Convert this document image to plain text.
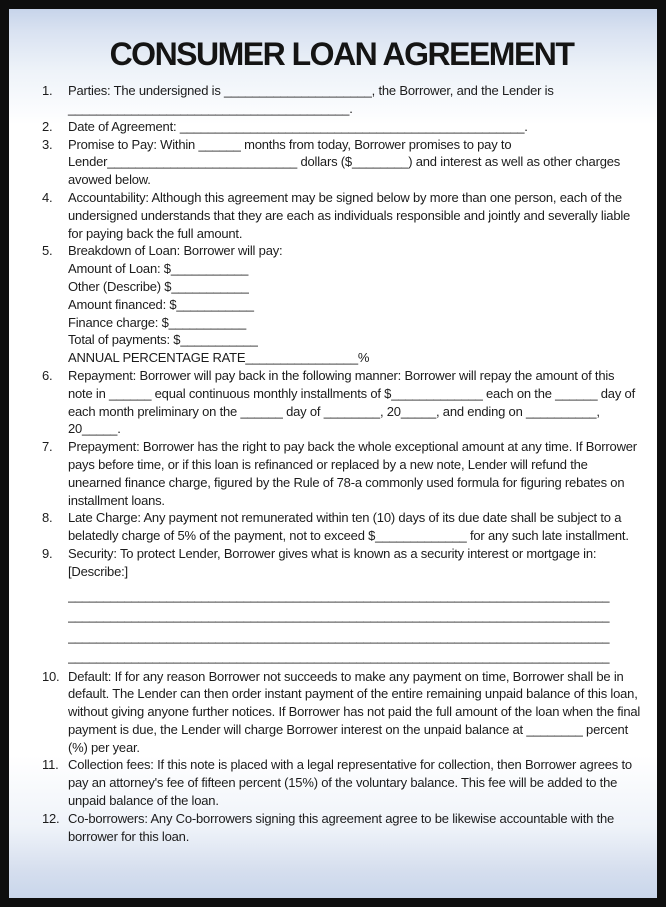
CONSUMER LOAN AGREEMENT
1.	Parties: The undersigned is _____________________, the Borrower, and the Lender is ________________________________________.
2.	Date of Agreement: _________________________________________________.
3.	Promise to Pay: Within ______ months from today, Borrower promises to pay to Lender___________________________ dollars ($________) and interest as well as other charges avowed below.
4.	Accountability: Although this agreement may be signed below by more than one person, each of the undersigned understands that they are each as individuals responsible and jointly and severally liable for paying back the full amount.
5.	Breakdown of Loan: Borrower will pay:
Amount of Loan: $___________
Other (Describe) $___________
Amount financed: $___________
Finance charge: $___________
Total of payments: $___________
ANNUAL PERCENTAGE RATE________________%
6.	Repayment: Borrower will pay back in the following manner: Borrower will repay the amount of this note in ______ equal continuous monthly installments of $_____________ each on the ______ day of each month preliminary on the ______ day of ________, 20_____, and ending on __________, 20_____.
7.	Prepayment: Borrower has the right to pay back the whole exceptional amount at any time. If Borrower pays before time, or if this loan is refinanced or replaced by a new note, Lender will refund the unearned finance charge, figured by the Rule of 78-a commonly used formula for figuring rebates on installment loans.
8.	Late Charge: Any payment not remunerated within ten (10) days of its due date shall be subject to a belatedly charge of 5% of the payment, not to exceed $_____________ for any such late installment.
9.	Security: To protect Lender, Borrower gives what is known as a security interest or mortgage in:
[Describe:]
_____________________________________________________________________________
_____________________________________________________________________________
_____________________________________________________________________________
_____________________________________________________________________________
10. Default: If for any reason Borrower not succeeds to make any payment on time, Borrower shall be in default. The Lender can then order instant payment of the entire remaining unpaid balance of this loan, without giving anyone further notices. If Borrower has not paid the full amount of the loan when the final payment is due, the Lender will charge Borrower interest on the unpaid balance at ________ percent (%) per year.
11. Collection fees: If this note is placed with a legal representative for collection, then Borrower agrees to pay an attorney's fee of fifteen percent (15%) of the voluntary balance. This fee will be added to the unpaid balance of the loan.
12. Co-borrowers: Any Co-borrowers signing this agreement agree to be likewise accountable with the borrower for this loan.
